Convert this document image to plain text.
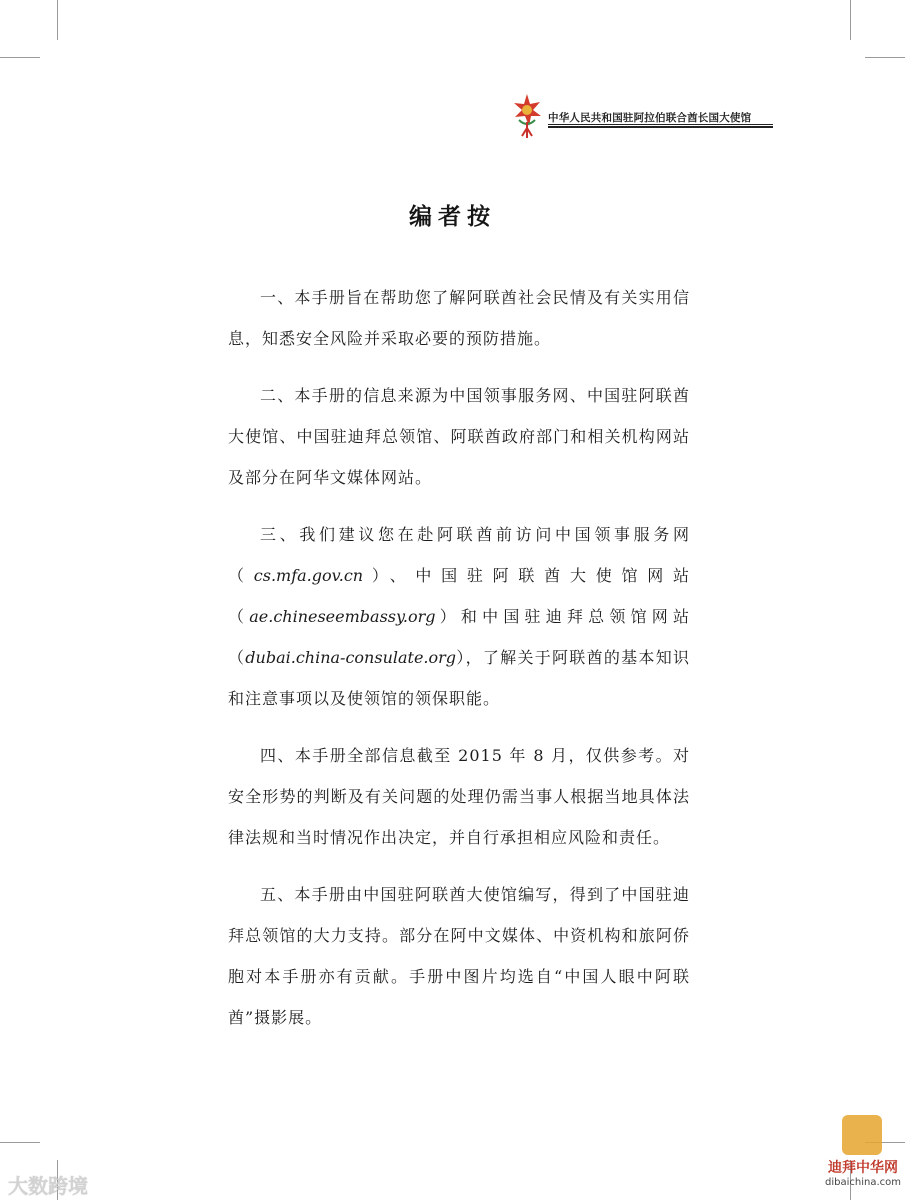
中华人民共和国驻阿拉伯联合酋长国大使馆
编者按

一、本手册旨在帮助您了解阿联酋社会民情及有关实用信息，知悉安全风险并采取必要的预防措施。

二、本手册的信息来源为中国领事服务网、中国驻阿联酋大使馆、中国驻迪拜总领馆、阿联酋政府部门和相关机构网站及部分在阿华文媒体网站。

三、我们建议您在赴阿联酋前访问中国领事服务网（cs.mfa.gov.cn）、中国驻阿联酋大使馆网站（ae.chineseembassy.org）和中国驻迪拜总领馆网站（dubai.china-consulate.org），了解关于阿联酋的基本知识和注意事项以及使领馆的领保职能。

四、本手册全部信息截至 2015 年 8 月，仅供参考。对安全形势的判断及有关问题的处理仍需当事人根据当地具体法律法规和当时情况作出决定，并自行承担相应风险和责任。

五、本手册由中国驻阿联酋大使馆编写，得到了中国驻迪拜总领馆的大力支持。部分在阿中文媒体、中资机构和旅阿侨胞对本手册亦有贡献。手册中图片均选自“中国人眼中阿联酋”摄影展。

大数跨境
迪拜中华网
dibaichina.com
